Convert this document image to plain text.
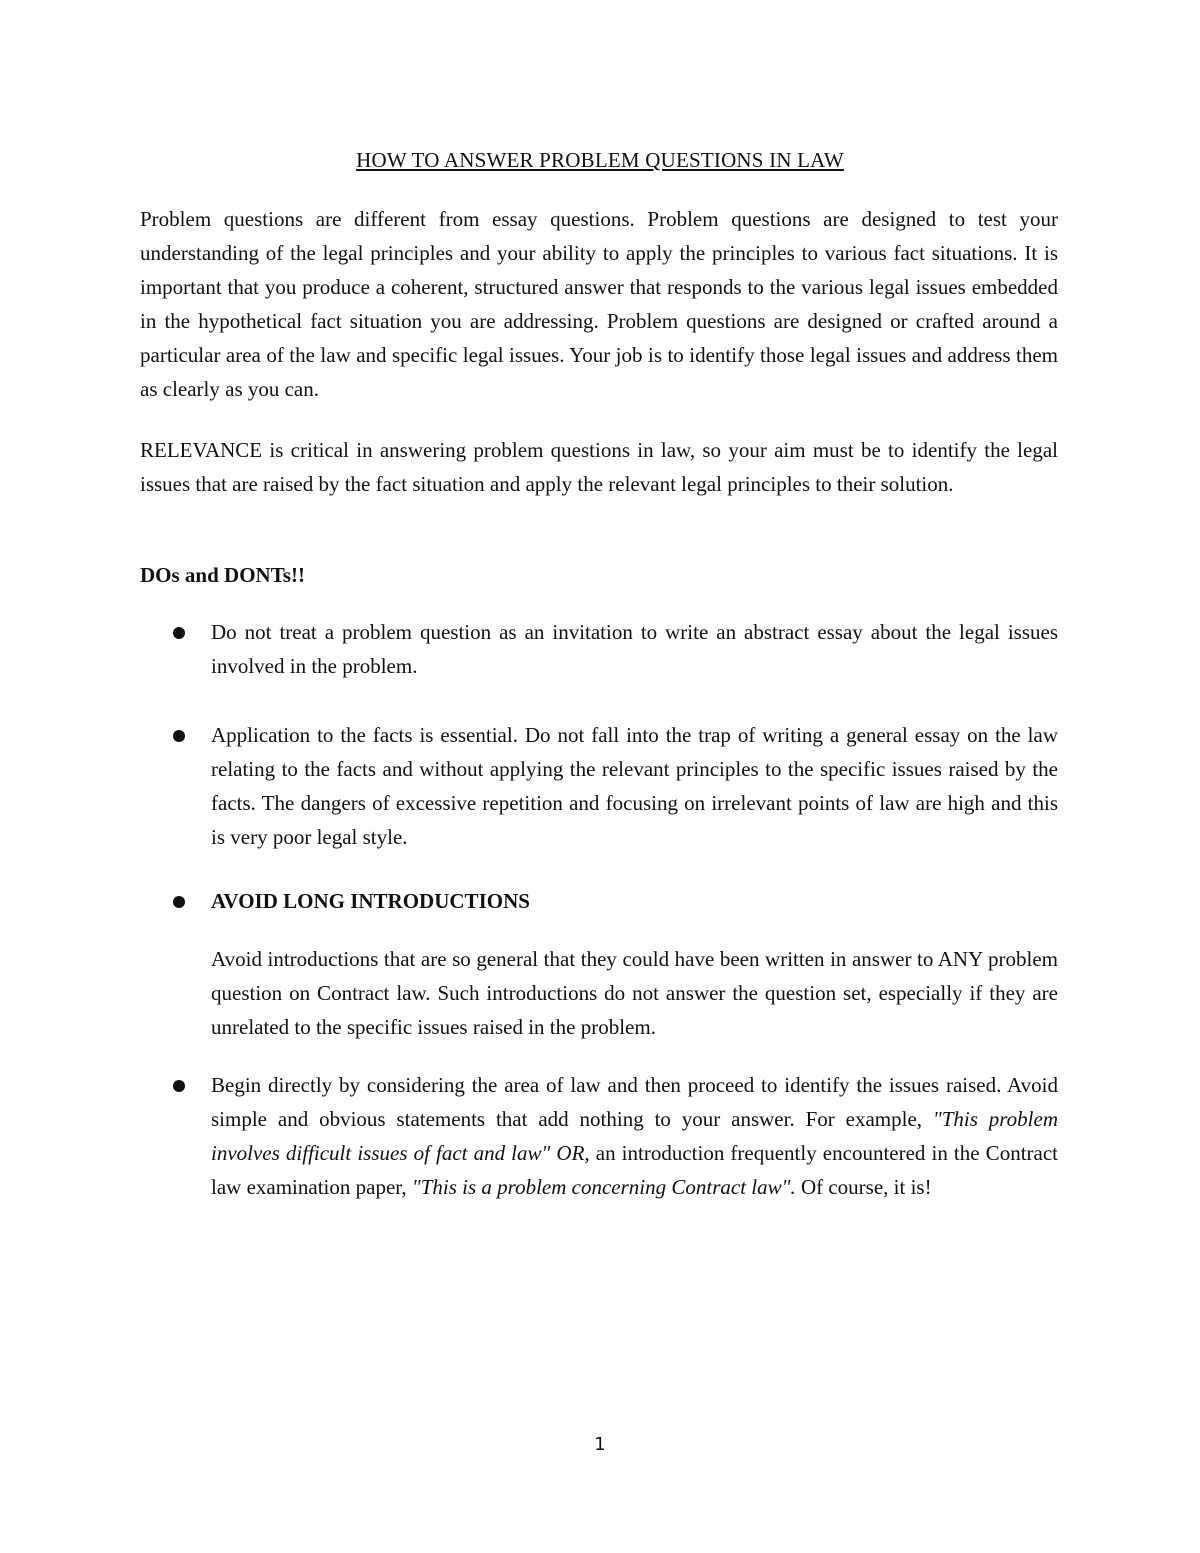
HOW TO ANSWER PROBLEM QUESTIONS IN LAW
Problem questions are different from essay questions. Problem questions are designed to test your understanding of the legal principles and your ability to apply the principles to various fact situations. It is important that you produce a coherent, structured answer that responds to the various legal issues embedded in the hypothetical fact situation you are addressing. Problem questions are designed or crafted around a particular area of the law and specific legal issues. Your job is to identify those legal issues and address them as clearly as you can.
RELEVANCE is critical in answering problem questions in law, so your aim must be to identify the legal issues that are raised by the fact situation and apply the relevant legal principles to their solution.
DOs and DONTs!!
Do not treat a problem question as an invitation to write an abstract essay about the legal issues involved in the problem.
Application to the facts is essential. Do not fall into the trap of writing a general essay on the law relating to the facts and without applying the relevant principles to the specific issues raised by the facts. The dangers of excessive repetition and focusing on irrelevant points of law are high and this is very poor legal style.
AVOID LONG INTRODUCTIONS
Avoid introductions that are so general that they could have been written in answer to ANY problem question on Contract law. Such introductions do not answer the question set, especially if they are unrelated to the specific issues raised in the problem.
Begin directly by considering the area of law and then proceed to identify the issues raised. Avoid simple and obvious statements that add nothing to your answer. For example, "This problem involves difficult issues of fact and law" OR, an introduction frequently encountered in the Contract law examination paper, "This is a problem concerning Contract law". Of course, it is!
1
